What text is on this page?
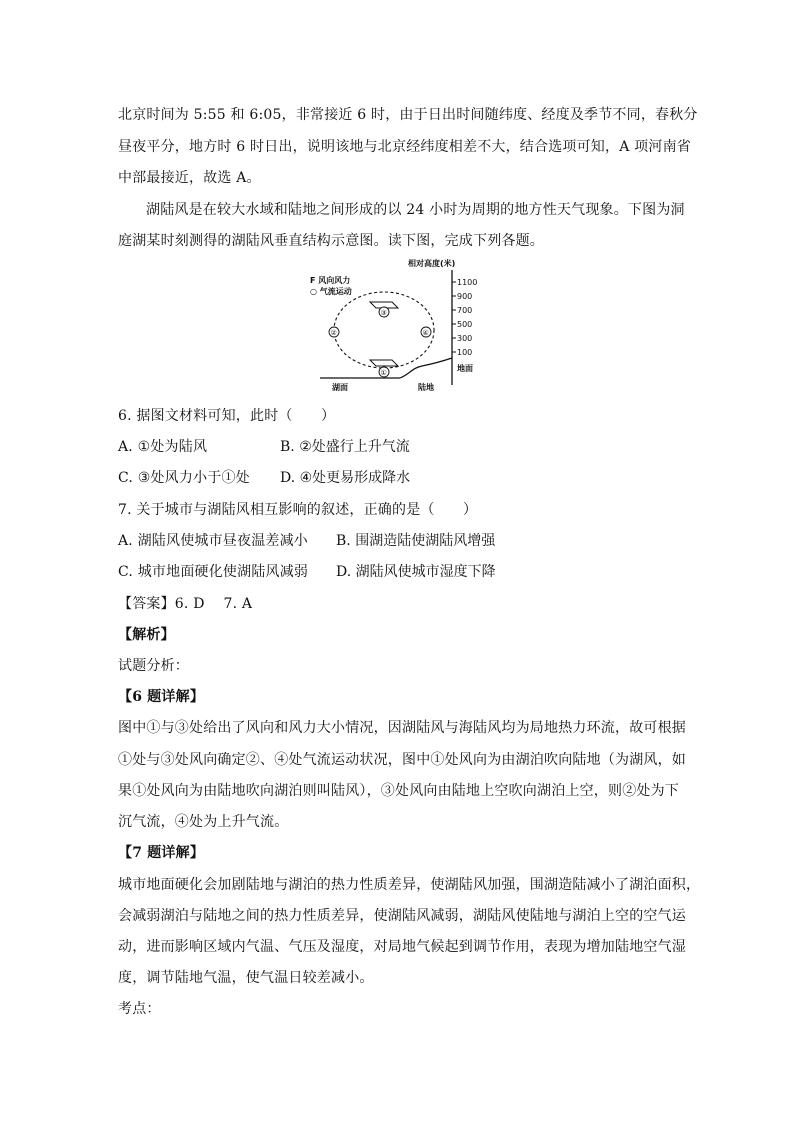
北京时间为 5:55 和 6:05，非常接近 6 时，由于日出时间随纬度、经度及季节不同，春秋分
昼夜平分，地方时 6 时日出，说明该地与北京经纬度相差不大，结合选项可知，A 项河南省
中部最接近，故选 A。
湖陆风是在较大水域和陆地之间形成的以 24 小时为周期的地方性天气现象。下图为洞
庭湖某时刻测得的湖陆风垂直结构示意图。读下图，完成下列各题。
F 风向风力
○ 气流运动
相对高度(米)
1100
900
700
500
300
100
地面
湖面	陆地
③
②	④
①
6. 据图文材料可知，此时（　　）
A. ①处为陆风	B. ②处盛行上升气流
C. ③处风力小于①处 D. ④处更易形成降水
7. 关于城市与湖陆风相互影响的叙述，正确的是（　　）
A. 湖陆风使城市昼夜温差减小 B. 围湖造陆使湖陆风增强
C. 城市地面硬化使湖陆风减弱 D. 湖陆风使城市湿度下降
【答案】6. D　 7. A
【解析】
试题分析：
【6 题详解】
图中①与③处给出了风向和风力大小情况，因湖陆风与海陆风均为局地热力环流，故可根据
①处与③处风向确定②、④处气流运动状况，图中①处风向为由湖泊吹向陆地（为湖风，如
果①处风向为由陆地吹向湖泊则叫陆风），③处风向由陆地上空吹向湖泊上空，则②处为下
沉气流，④处为上升气流。
【7 题详解】
城市地面硬化会加剧陆地与湖泊的热力性质差异，使湖陆风加强，围湖造陆减小了湖泊面积，
会减弱湖泊与陆地之间的热力性质差异，使湖陆风减弱，湖陆风使陆地与湖泊上空的空气运
动，进而影响区域内气温、气压及湿度，对局地气候起到调节作用，表现为增加陆地空气湿
度，调节陆地气温，使气温日较差减小。
考点：
